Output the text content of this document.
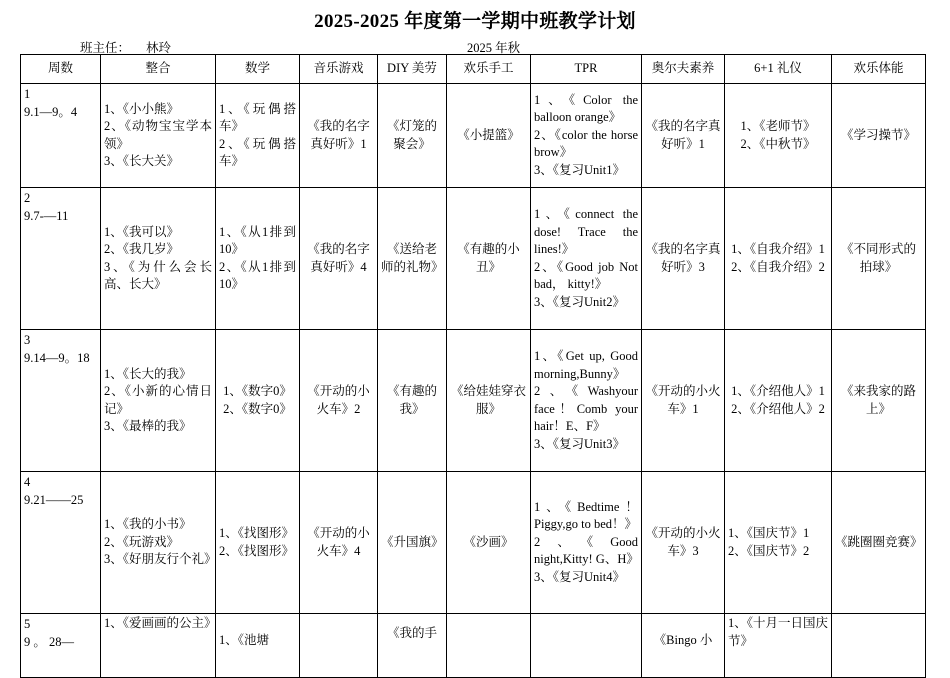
2025-2025 年度第一学期中班教学计划
班主任： 林玲	2025 年秋
周数	整合	数学	音乐游戏	DIY 美劳	欢乐手工	TPR	奥尔夫素养	6+1 礼仪	欢乐体能

1
9.1—9。4	1、《小小熊》
2、《动物宝宝学本领》
3、《长大关》	1、《玩偶搭车》
2、《玩偶搭车》	《我的名字真好听》1	《灯笼的聚会》	《小提篮》	1、《Color the balloon orange》
2、《color the horse brow》
3、《复习Unit1》	《我的名字真好听》1	1、《老师节》
2、《中秋节》	《学习操节》

2
9.7-—11	1、《我可以》
2、《我几岁》
3、《为什么会长高、长大》	1、《从1排到10》
2、《从1排到10》	《我的名字真好听》4	《送给老师的礼物》	《有趣的小丑》	1、《connect the dose! Trace the lines!》
2、《Good job Not bad， kitty!》
3、《复习Unit2》	《我的名字真好听》3	1、《自我介绍》1
2、《自我介绍》2	《不同形式的拍球》

3
9.14—9。18	1、《长大的我》
2、《小新的心情日记》
3、《最棒的我》	1、《数字0》
2、《数字0》	《开动的小火车》2	《有趣的我》	《给娃娃穿衣服》	1、《Get up, Good morning,Bunny》
2、《Washyour face！Comb your hair！E、F》
3、《复习Unit3》	《开动的小火车》1	1、《介绍他人》1
2、《介绍他人》2	《来我家的路上》

4
9.21——25	1、《我的小书》
2、《玩游戏》
3、《好朋友行个礼》	1、《找图形》
2、《找图形》	《开动的小火车》4	《升国旗》	《沙画》	1、《Bedtime！Piggy,go to bed！》
2、《Good night,Kitty! G、H》
3、《复习Unit4》	《开动的小火车》3	1、《国庆节》1
2、《国庆节》2	《跳圈圈竞赛》

5
9 。 28—	1、《爱画画的公主》	1、《池塘		《我的手			《Bingo 小	1、《十月一日国庆节》	
